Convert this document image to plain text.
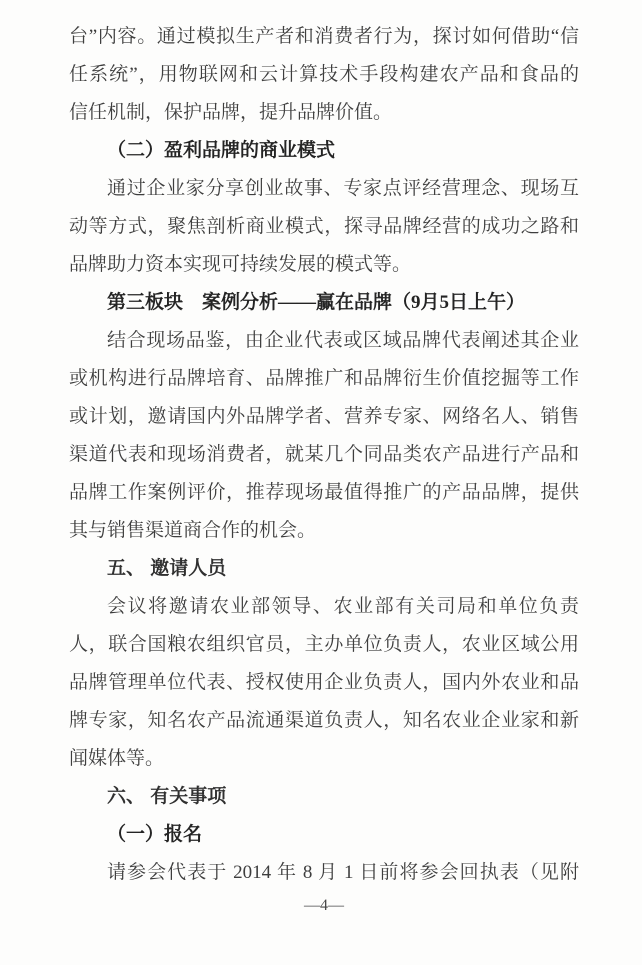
台”内容。通过模拟生产者和消费者行为，探讨如何借助“信
任系统”，用物联网和云计算技术手段构建农产品和食品的
信任机制，保护品牌，提升品牌价值。
（二）盈利品牌的商业模式
通过企业家分享创业故事、专家点评经营理念、现场互
动等方式，聚焦剖析商业模式，探寻品牌经营的成功之路和
品牌助力资本实现可持续发展的模式等。
第三板块　案例分析——赢在品牌（9月5日上午）
结合现场品鉴，由企业代表或区域品牌代表阐述其企业
或机构进行品牌培育、品牌推广和品牌衍生价值挖掘等工作
或计划，邀请国内外品牌学者、营养专家、网络名人、销售
渠道代表和现场消费者，就某几个同品类农产品进行产品和
品牌工作案例评价，推荐现场最值得推广的产品品牌，提供
其与销售渠道商合作的机会。
五、 邀请人员
会议将邀请农业部领导、农业部有关司局和单位负责
人，联合国粮农组织官员，主办单位负责人，农业区域公用
品牌管理单位代表、授权使用企业负责人，国内外农业和品
牌专家，知名农产品流通渠道负责人，知名农业企业家和新
闻媒体等。
六、 有关事项
（一）报名
请参会代表于 2014 年 8 月 1 日前将参会回执表（见附
—4—
